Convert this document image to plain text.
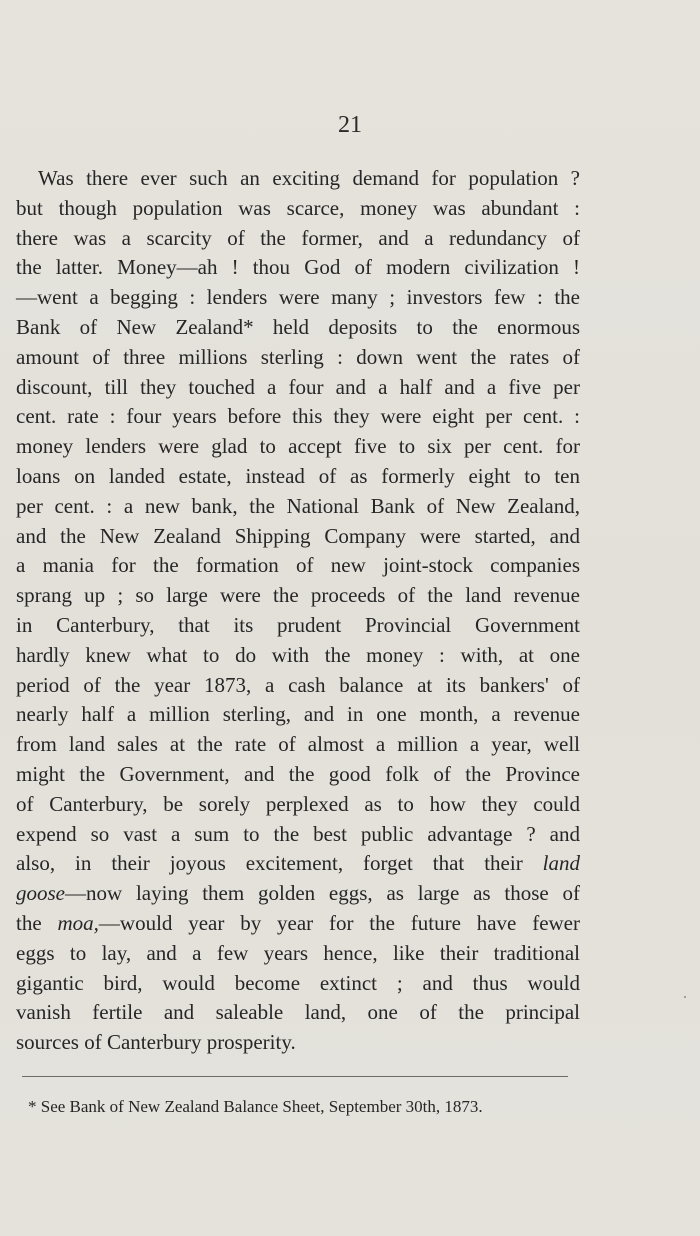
21
Was there ever such an exciting demand for population ?
but though population was scarce, money was abundant :
there was a scarcity of the former, and a redundancy of
the latter. Money—ah ! thou God of modern civilization !
—went a begging : lenders were many ; investors few : the
Bank of New Zealand* held deposits to the enormous
amount of three millions sterling : down went the rates of
discount, till they touched a four and a half and a five per
cent. rate : four years before this they were eight per cent. :
money lenders were glad to accept five to six per cent. for
loans on landed estate, instead of as formerly eight to ten
per cent. : a new bank, the National Bank of New Zealand,
and the New Zealand Shipping Company were started, and
a mania for the formation of new joint-stock companies
sprang up ; so large were the proceeds of the land revenue
in Canterbury, that its prudent Provincial Government
hardly knew what to do with the money : with, at one
period of the year 1873, a cash balance at its bankers' of
nearly half a million sterling, and in one month, a revenue
from land sales at the rate of almost a million a year, well
might the Government, and the good folk of the Province
of Canterbury, be sorely perplexed as to how they could
expend so vast a sum to the best public advantage ? and
also, in their joyous excitement, forget that their land
goose—now laying them golden eggs, as large as those of
the moa,—would year by year for the future have fewer
eggs to lay, and a few years hence, like their traditional
gigantic bird, would become extinct ; and thus would
vanish fertile and saleable land, one of the principal
sources of Canterbury prosperity.
* See Bank of New Zealand Balance Sheet, September 30th, 1873.
